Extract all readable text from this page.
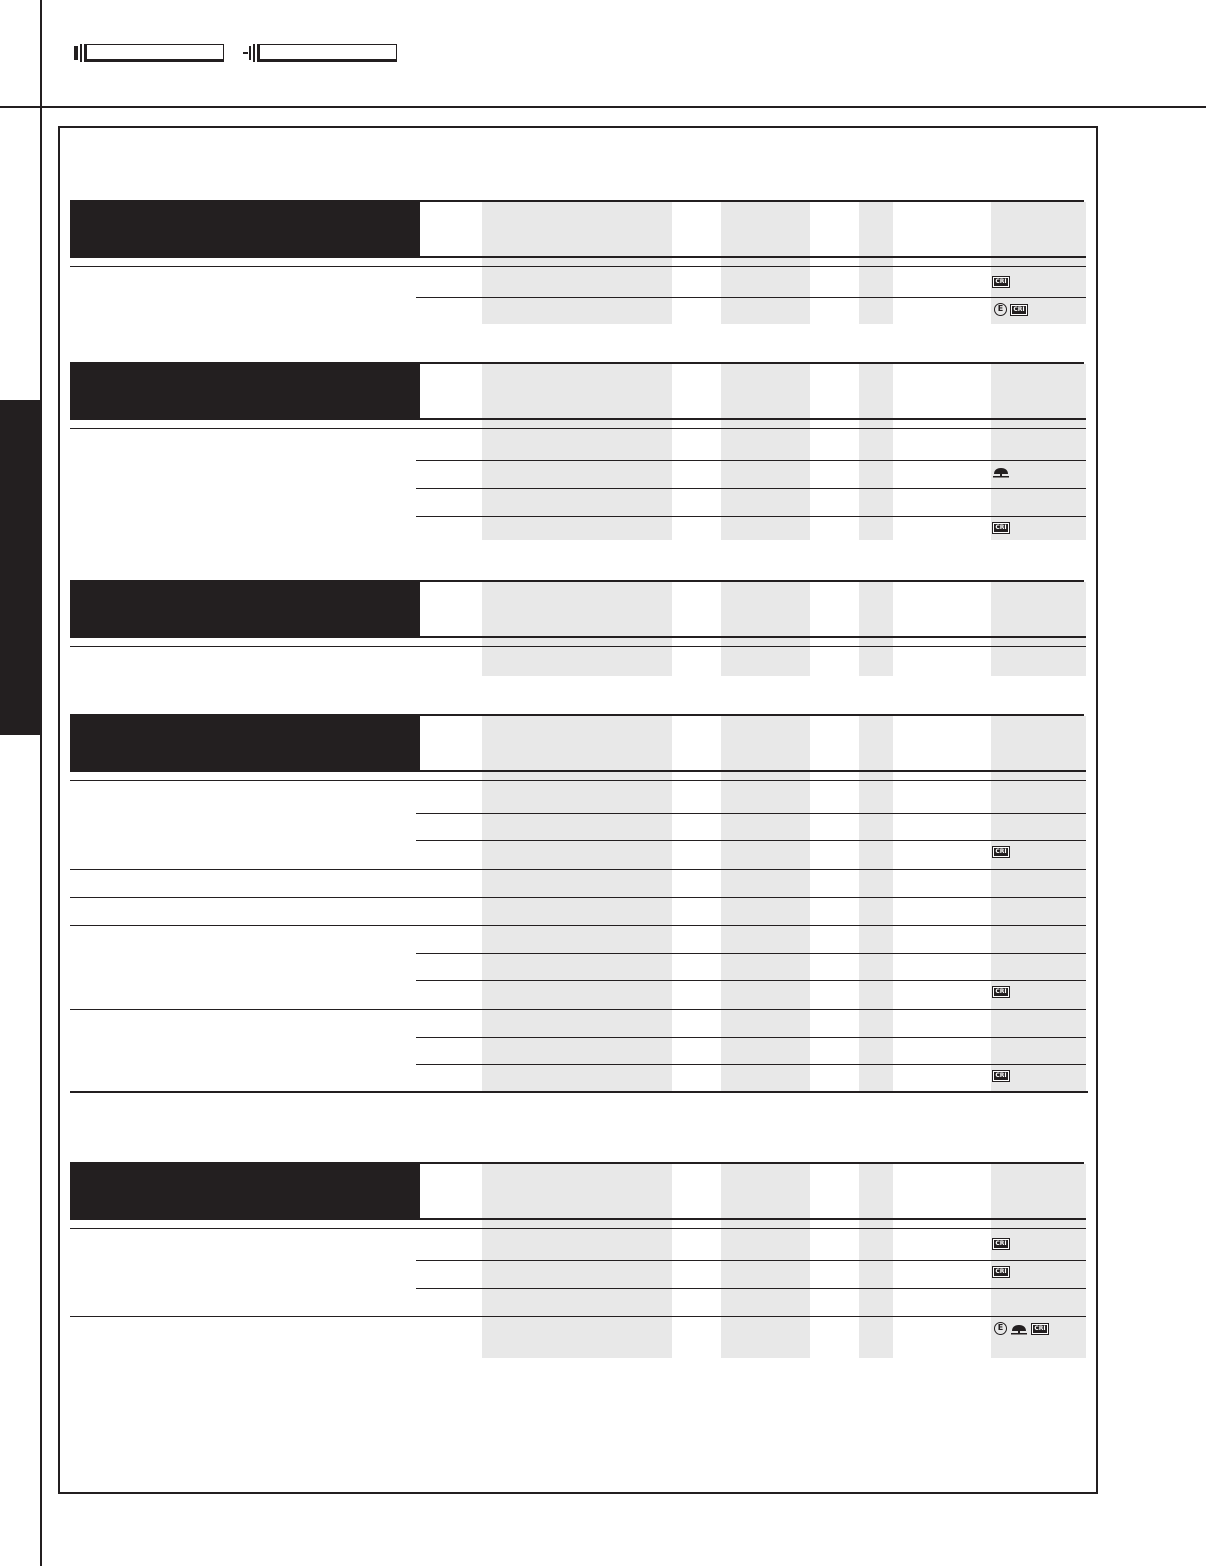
CRI
E	CRI
CRI
CRI
CRI
CRI
CRI
CRI
E	CRI
